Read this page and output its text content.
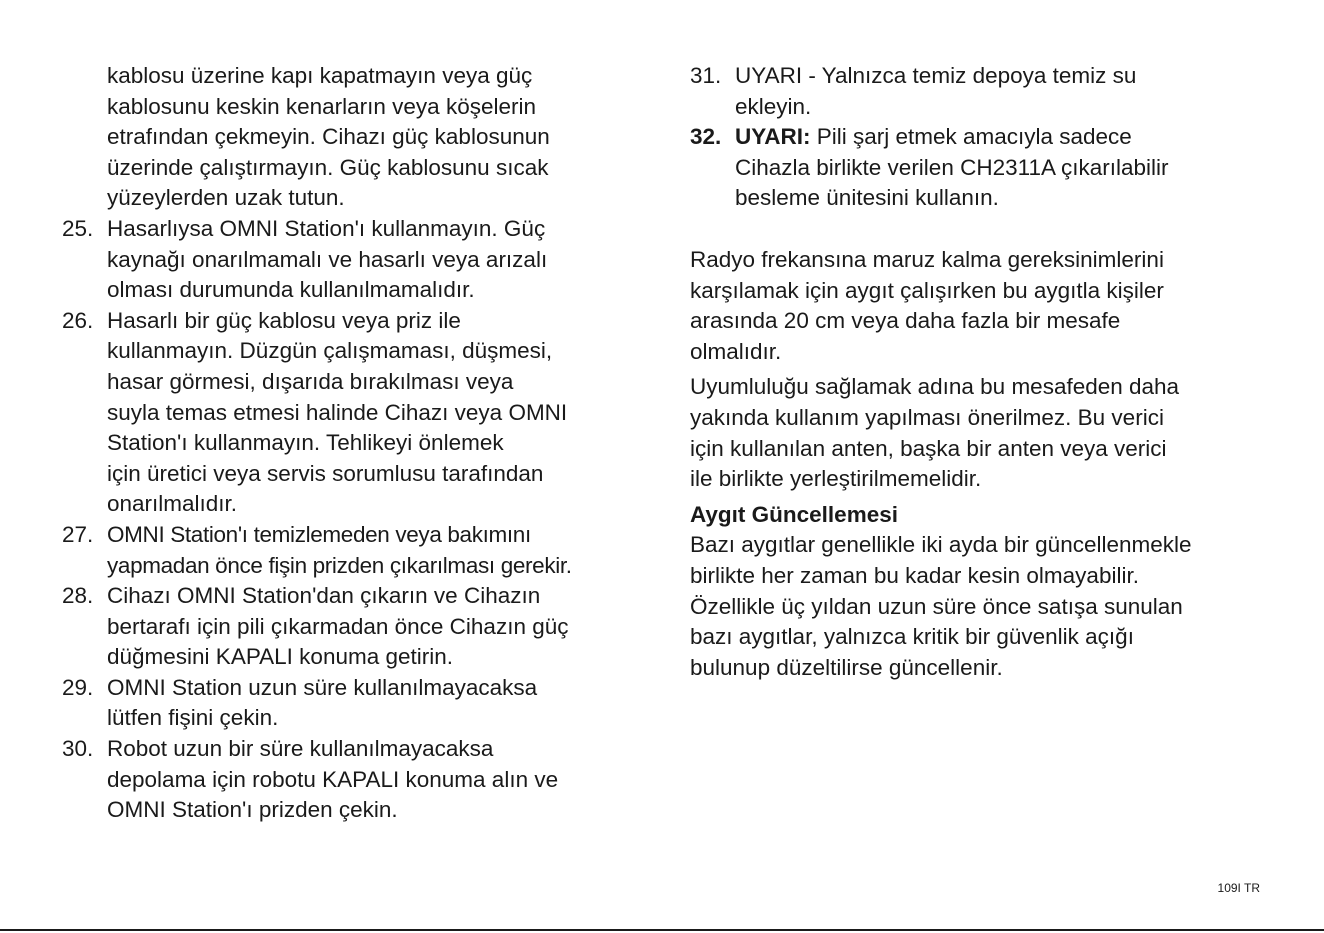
kablosu üzerine kapı kapatmayın veya güç
kablosunu keskin kenarların veya köşelerin
etrafından çekmeyin. Cihazı güç kablosunun
üzerinde çalıştırmayın. Güç kablosunu sıcak
yüzeylerden uzak tutun.
25. Hasarlıysa OMNI Station'ı kullanmayın. Güç
kaynağı onarılmamalı ve hasarlı veya arızalı
olması durumunda kullanılmamalıdır.
26. Hasarlı bir güç kablosu veya priz ile
kullanmayın. Düzgün çalışmaması, düşmesi,
hasar görmesi, dışarıda bırakılması veya
suyla temas etmesi halinde Cihazı veya OMNI
Station'ı kullanmayın. Tehlikeyi önlemek
için üretici veya servis sorumlusu tarafından
onarılmalıdır.
27. OMNI Station'ı temizlemeden veya bakımını
yapmadan önce fişin prizden çıkarılması gerekir.
28. Cihazı OMNI Station'dan çıkarın ve Cihazın
bertarafı için pili çıkarmadan önce Cihazın güç
düğmesini KAPALI konuma getirin.
29. OMNI Station uzun süre kullanılmayacaksa
lütfen fişini çekin.
30. Robot uzun bir süre kullanılmayacaksa
depolama için robotu KAPALI konuma alın ve
OMNI Station'ı prizden çekin.
31. UYARI - Yalnızca temiz depoya temiz su
ekleyin.
32. UYARI: Pili şarj etmek amacıyla sadece
Cihazla birlikte verilen CH2311A çıkarılabilir
besleme ünitesini kullanın.
Radyo frekansına maruz kalma gereksinimlerini
karşılamak için aygıt çalışırken bu aygıtla kişiler
arasında 20 cm veya daha fazla bir mesafe
olmalıdır.
Uyumluluğu sağlamak adına bu mesafeden daha
yakında kullanım yapılması önerilmez. Bu verici
için kullanılan anten, başka bir anten veya verici
ile birlikte yerleştirilmemelidir.
Aygıt Güncellemesi
Bazı aygıtlar genellikle iki ayda bir güncellenmekle
birlikte her zaman bu kadar kesin olmayabilir.
Özellikle üç yıldan uzun süre önce satışa sunulan
bazı aygıtlar, yalnızca kritik bir güvenlik açığı
bulunup düzeltilirse güncellenir.
109I TR
